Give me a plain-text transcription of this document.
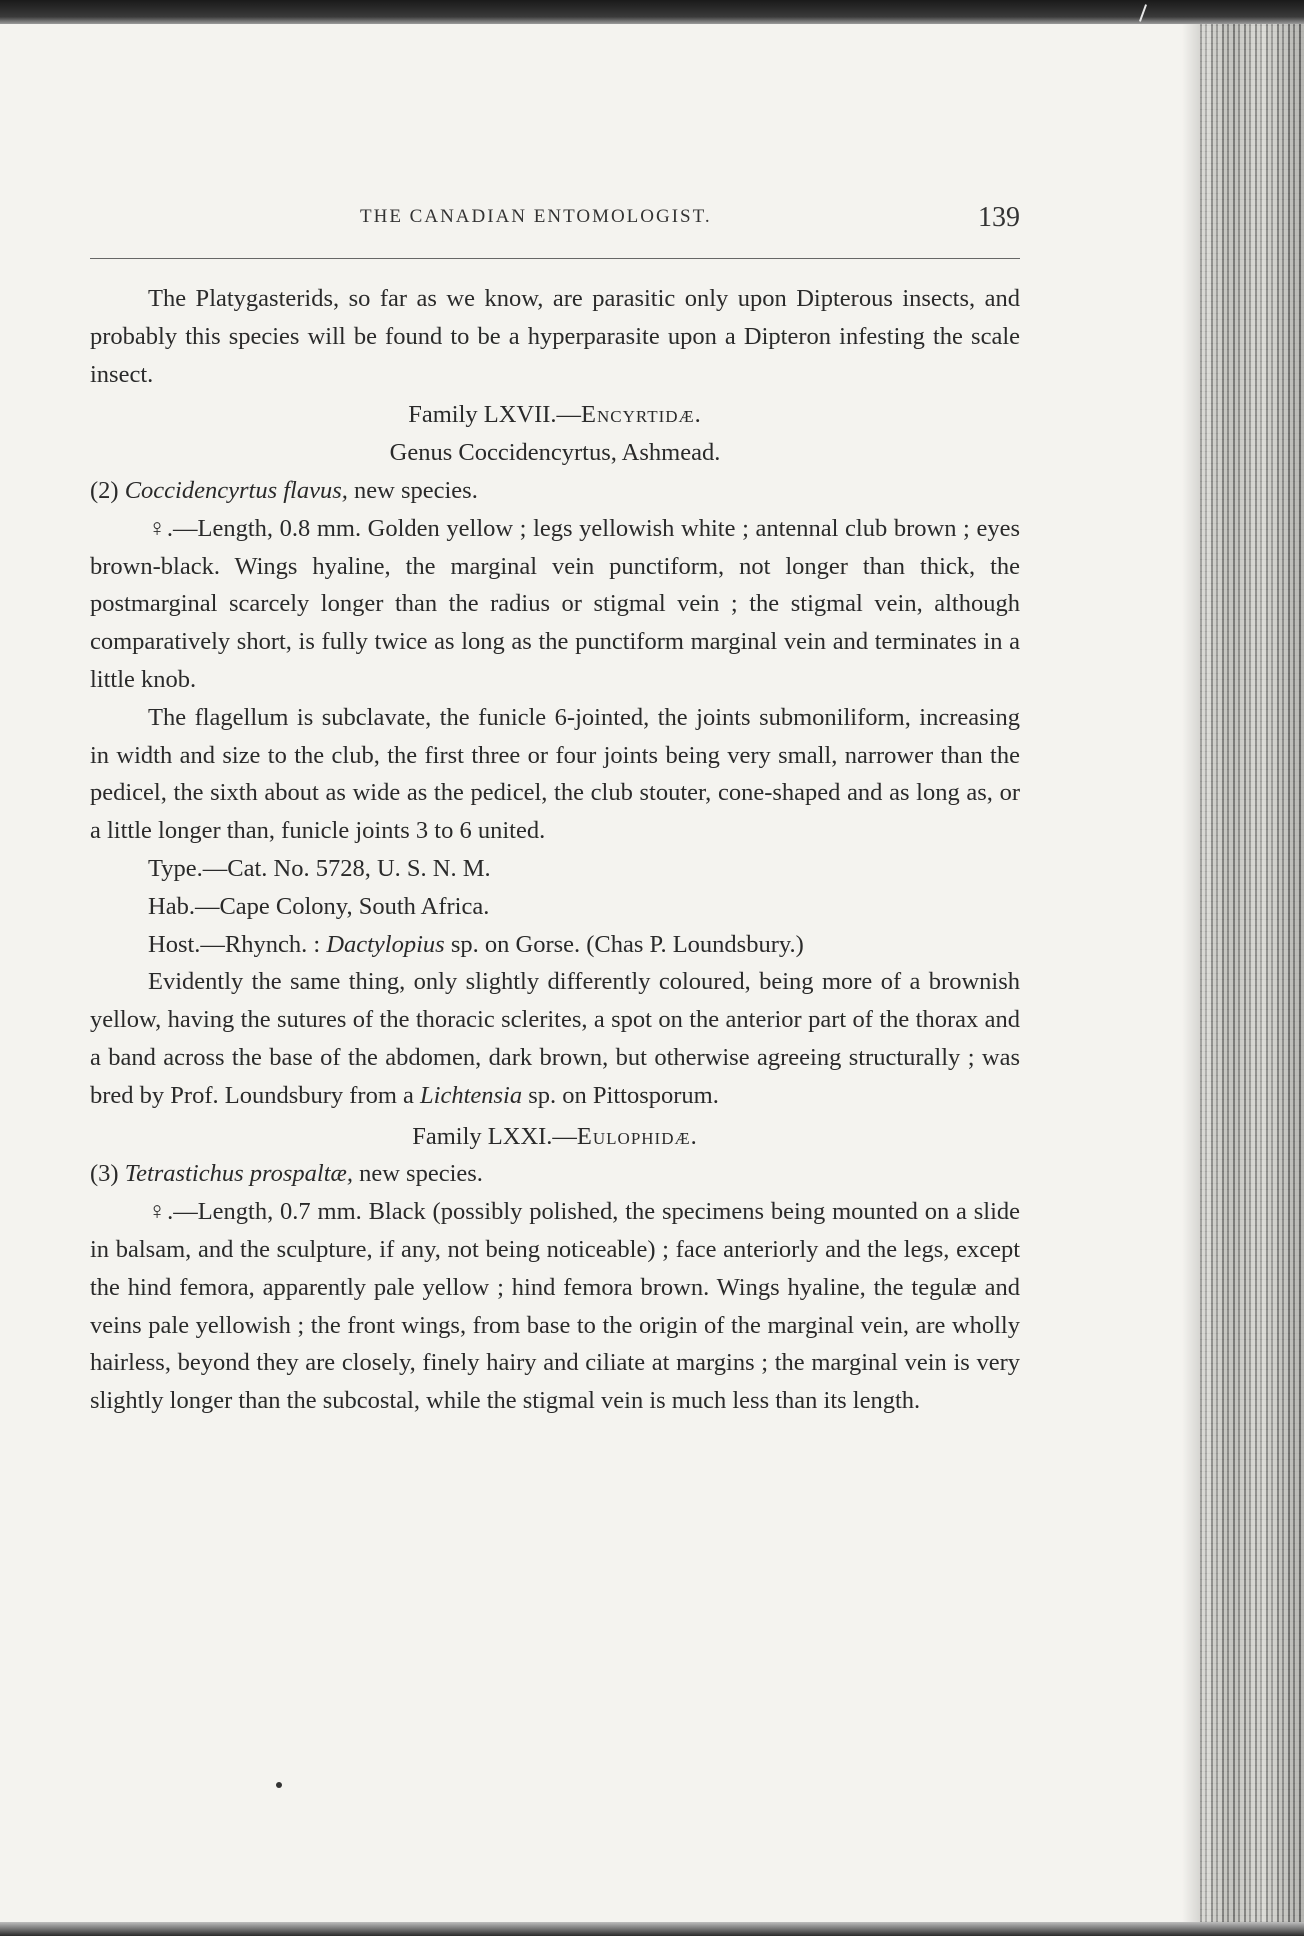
THE CANADIAN ENTOMOLOGIST.	139

The Platygasterids, so far as we know, are parasitic only upon Dipterous insects, and probably this species will be found to be a hyperparasite upon a Dipteron infesting the scale insect.

Family LXVII.—Encyrtidæ.

Genus Coccidencyrtus, Ashmead.

(2) Coccidencyrtus flavus, new species.

♀.—Length, 0.8 mm. Golden yellow ; legs yellowish white ; antennal club brown ; eyes brown-black. Wings hyaline, the marginal vein punctiform, not longer than thick, the postmarginal scarcely longer than the radius or stigmal vein ; the stigmal vein, although comparatively short, is fully twice as long as the punctiform marginal vein and terminates in a little knob.

The flagellum is subclavate, the funicle 6-jointed, the joints submoniliform, increasing in width and size to the club, the first three or four joints being very small, narrower than the pedicel, the sixth about as wide as the pedicel, the club stouter, cone-shaped and as long as, or a little longer than, funicle joints 3 to 6 united.

Type.—Cat. No. 5728, U. S. N. M.

Hab.—Cape Colony, South Africa.

Host.—Rhynch. : Dactylopius sp. on Gorse. (Chas P. Loundsbury.)

Evidently the same thing, only slightly differently coloured, being more of a brownish yellow, having the sutures of the thoracic sclerites, a spot on the anterior part of the thorax and a band across the base of the abdomen, dark brown, but otherwise agreeing structurally ; was bred by Prof. Loundsbury from a Lichtensia sp. on Pittosporum.

Family LXXI.—Eulophidæ.

(3) Tetrastichus prospaltæ, new species.

♀.—Length, 0.7 mm. Black (possibly polished, the specimens being mounted on a slide in balsam, and the sculpture, if any, not being noticeable) ; face anteriorly and the legs, except the hind femora, apparently pale yellow ; hind femora brown. Wings hyaline, the tegulæ and veins pale yellowish ; the front wings, from base to the origin of the marginal vein, are wholly hairless, beyond they are closely, finely hairy and ciliate at margins ; the marginal vein is very slightly longer than the subcostal, while the stigmal vein is much less than its length.
